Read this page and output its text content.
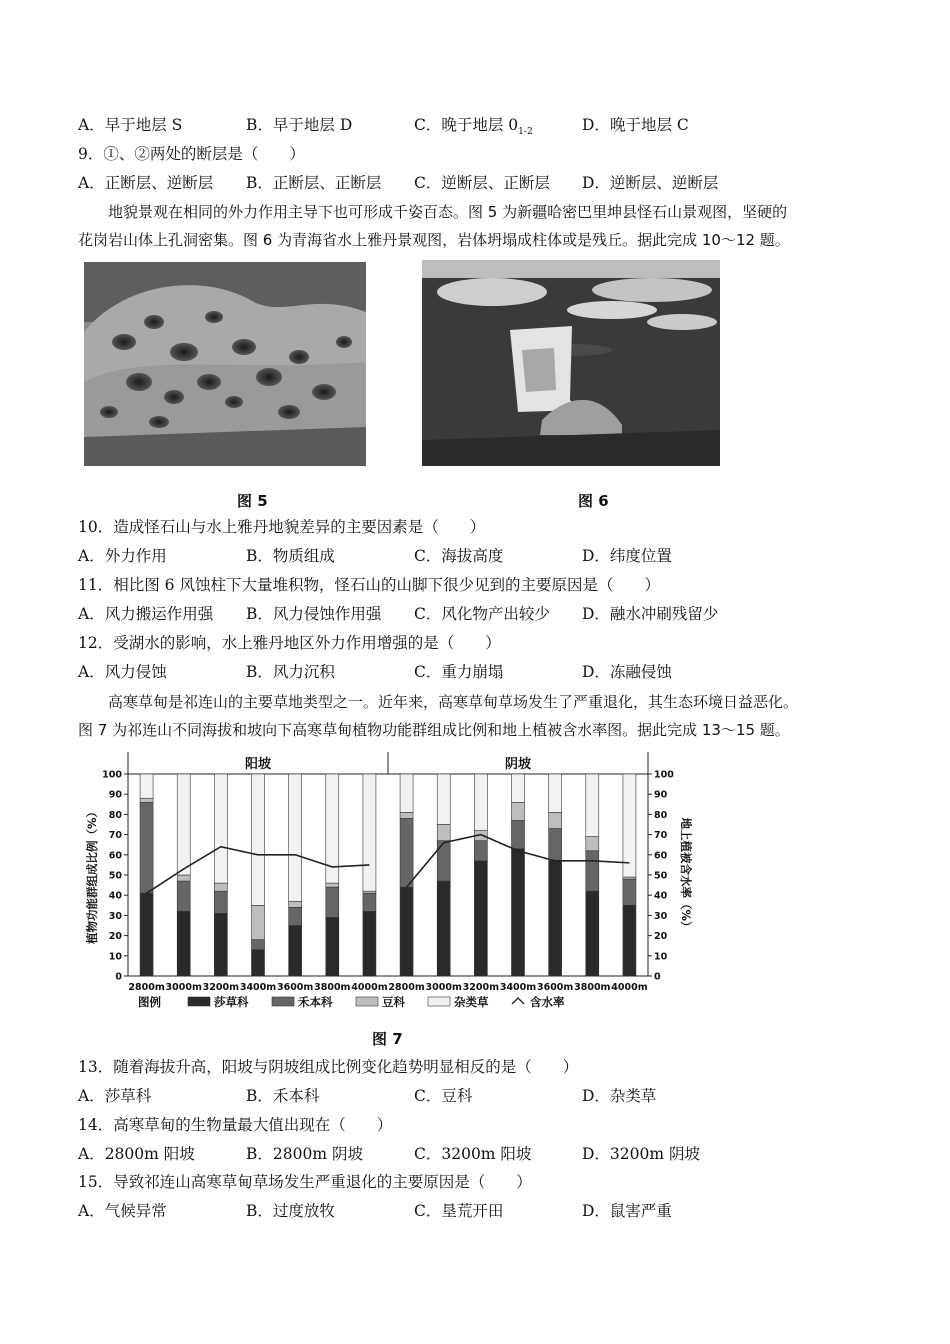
A．早于地层 S	B．早于地层 D	C．晚于地层 $0_{1-2}$	D．晚于地层 C
9．①、②两处的断层是（　　）
A．正断层、逆断层 B．正断层、正断层 C．逆断层、正断层 D．逆断层、逆断层
地貌景观在相同的外力作用主导下也可形成千姿百态。图 5 为新疆哈密巴里坤县怪石山景观图，坚硬的
花岗岩山体上孔洞密集。图 6 为青海省水上雅丹景观图，岩体坍塌成柱体或是残丘。据此完成 10～12 题。
图 5	图 6
10．造成怪石山与水上雅丹地貌差异的主要因素是（　　）
A．外力作用	B．物质组成	C．海拔高度	D．纬度位置
11．相比图 6 风蚀柱下大量堆积物，怪石山的山脚下很少见到的主要原因是（　　）
A．风力搬运作用强 B．风力侵蚀作用强 C．风化物产出较少 D．融水冲刷残留少
12．受湖水的影响，水上雅丹地区外力作用增强的是（　　）
A．风力侵蚀	B．风力沉积	C．重力崩塌	D．冻融侵蚀
高寒草甸是祁连山的主要草地类型之一。近年来，高寒草甸草场发生了严重退化，其生态环境日益恶化。
图 7 为祁连山不同海拔和坡向下高寒草甸植物功能群组成比例和地上植被含水率图。据此完成 13～15 题。
阳坡	阴坡
0	0
10	10
20	20
30	30
40	40
50	50
60	60
70	70
80	80
90	90
100	100
植物功能群组成比例（%）	地上植被含水率（%）
2800m 3000m 3200m 3400m 3600m 3800m 4000m 2800m 3000m 3200m 3400m 3600m 3800m 4000m
图例	莎草科	禾本科	豆科	杂类草	含水率
图 7
13．随着海拔升高，阳坡与阴坡组成比例变化趋势明显相反的是（　　）
A．莎草科	B．禾本科	C．豆科	D．杂类草
14．高寒草甸的生物量最大值出现在（　　）
A．2800m 阳坡	B．2800m 阴坡	C．3200m 阳坡	D．3200m 阴坡
15．导致祁连山高寒草甸草场发生严重退化的主要原因是（　　）
A．气候异常	B．过度放牧	C．垦荒开田	D．鼠害严重
